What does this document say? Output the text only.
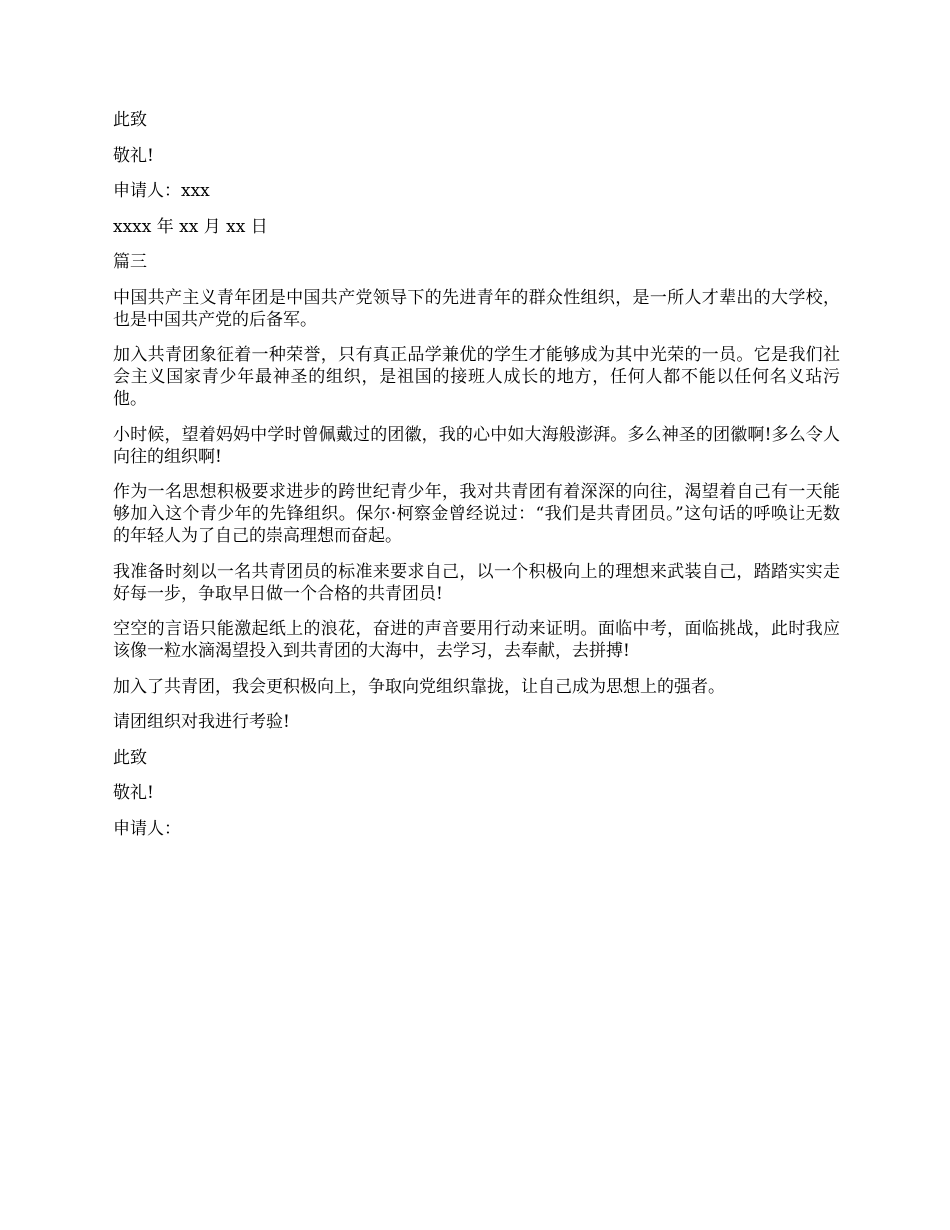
此致

敬礼!

申请人：xxx

xxxx 年 xx 月 xx 日

篇三

中国共产主义青年团是中国共产党领导下的先进青年的群众性组织，是一所人才辈出的大学校，也是中国共产党的后备军。

加入共青团象征着一种荣誉，只有真正品学兼优的学生才能够成为其中光荣的一员。它是我们社会主义国家青少年最神圣的组织，是祖国的接班人成长的地方，任何人都不能以任何名义玷污他。

小时候，望着妈妈中学时曾佩戴过的团徽，我的心中如大海般澎湃。多么神圣的团徽啊!多么令人向往的组织啊!

作为一名思想积极要求进步的跨世纪青少年，我对共青团有着深深的向往，渴望着自己有一天能够加入这个青少年的先锋组织。保尔·柯察金曾经说过：“我们是共青团员。”这句话的呼唤让无数的年轻人为了自己的崇高理想而奋起。

我准备时刻以一名共青团员的标准来要求自己，以一个积极向上的理想来武装自己，踏踏实实走好每一步，争取早日做一个合格的共青团员!

空空的言语只能激起纸上的浪花，奋进的声音要用行动来证明。面临中考，面临挑战，此时我应该像一粒水滴渴望投入到共青团的大海中，去学习，去奉献，去拼搏!

加入了共青团，我会更积极向上，争取向党组织靠拢，让自己成为思想上的强者。

请团组织对我进行考验!

此致

敬礼!

申请人：
